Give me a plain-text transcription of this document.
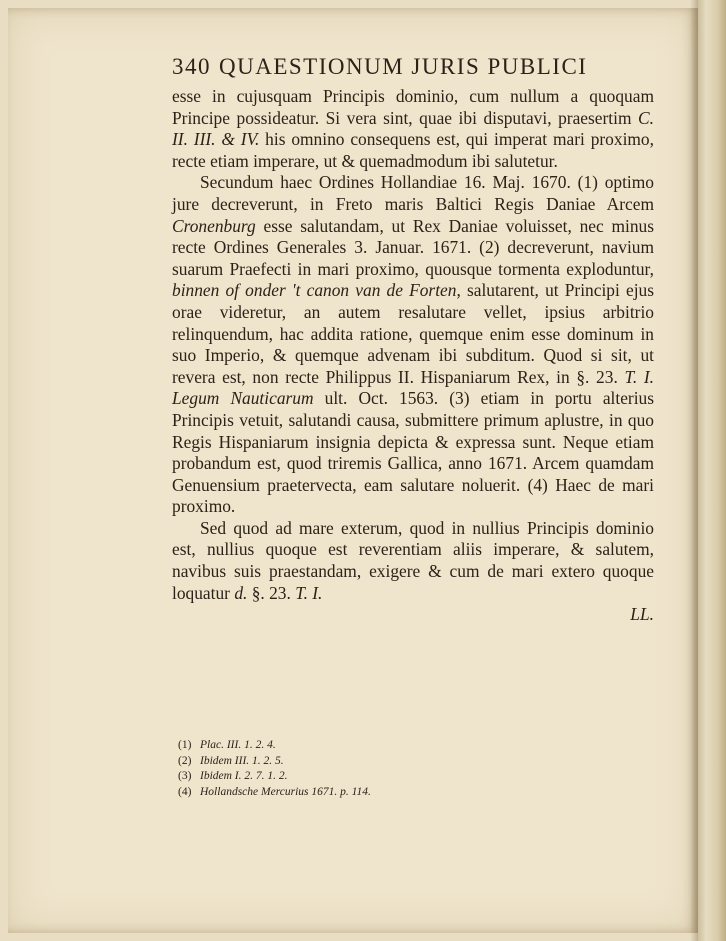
340 QUAESTIONUM JURIS PUBLICI

esse in cujusquam Principis dominio, cum nullum a quoquam Principe possideatur. Si vera sint, quae ibi disputavi, praesertim C. II. III. & IV. his omnino consequens est, qui imperat mari proximo, recte etiam imperare, ut & quemadmodum ibi salutetur.

Secundum haec Ordines Hollandiae 16. Maj. 1670. (1) optimo jure decreverunt, in Freto maris Baltici Regis Daniae Arcem Cronenburg esse salutandam, ut Rex Daniae voluisset, nec minus recte Ordines Generales 3. Januar. 1671. (2) decreverunt, navium suarum Praefecti in mari proximo, quousque tormenta exploduntur, binnen of onder 't canon van de Forten, salutarent, ut Principi ejus orae videretur, an autem resalutare vellet, ipsius arbitrio relinquendum, hac addita ratione, quemque enim esse dominum in suo Imperio, & quemque advenam ibi subditum. Quod si sit, ut revera est, non recte Philippus II. Hispaniarum Rex, in §. 23. T. I. Legum Nauticarum ult. Oct. 1563. (3) etiam in portu alterius Principis vetuit, salutandi causa, submittere primum aplustre, in quo Regis Hispaniarum insignia depicta & expressa sunt. Neque etiam probandum est, quod triremis Gallica, anno 1671. Arcem quamdam Genuensium praetervecta, eam salutare noluerit. (4) Haec de mari proximo.

Sed quod ad mare exterum, quod in nullius Principis dominio est, nullius quoque est reverentiam aliis imperare, & salutem, navibus suis praestandam, exigere & cum de mari extero quoque loquatur d. §. 23. T. I.

LL.
(1) Plac. III. 1. 2. 4.
(2) Ibidem III. 1. 2. 5.
(3) Ibidem I. 2. 7. 1. 2.
(4) Hollandsche Mercurius 1671. p. 114.
